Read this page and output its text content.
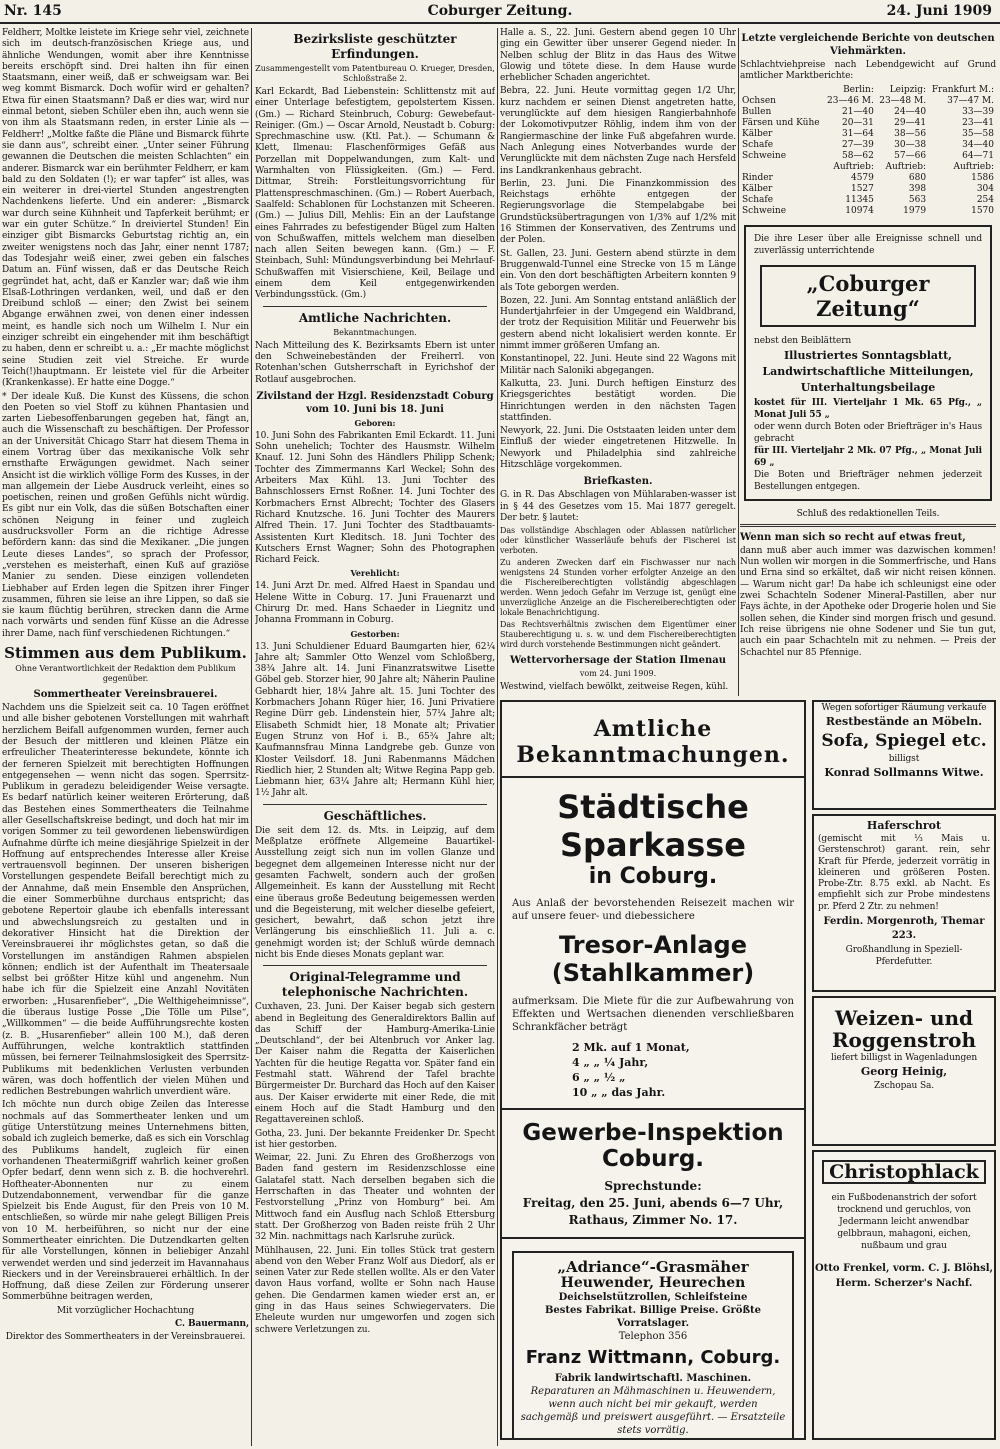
Nr. 145	Coburger Zeitung.	24. Juni 1909

Feldherr, Moltke leistete im Kriege sehr viel, zeichnete sich im deutsch-französischen Kriege aus, und ähnliche Wendungen, womit aber ihre Kenntnisse bereits erschöpft sind. Drei halten ihn für einen Staatsmann, einer weiß, daß er schweigsam war. Bei weg kommt Bismarck. Doch wofür wird er gehalten? Etwa für einen Staatsmann? Daß er dies war, wird nur einmal betont, sieben Schüler eben ihn, auch wenn sie von ihm als Staatsmann reden, in erster Linie als — Feldherr! „Moltke faßte die Pläne und Bismarck führte sie dann aus“, schreibt einer. „Unter seiner Führung gewannen die Deutschen die meisten Schlachten“ ein anderer. Bismarck war ein berühmter Feldherr, er kam bald zu den Soldaten (!); er war tapfer“ ist alles, was ein weiterer in drei-viertel Stunden angestrengten Nachdenkens lieferte. Und ein anderer: „Bismarck war durch seine Kühnheit und Tapferkeit berühmt; er war ein guter Schütze.“ In dreiviertel Stunden! Ein einziger gibt Bismarcks Geburtstag richtig an, ein zweiter wenigstens noch das Jahr, einer nennt 1787; das Todesjahr weiß einer, zwei geben ein falsches Datum an. Fünf wissen, daß er das Deutsche Reich gegründet hat, acht, daß er Kanzler war; daß wie ihm Elsaß-Lothringen verdanken, weil, und daß er den Dreibund schloß — einer; den Zwist bei seinem Abgange erwähnen zwei, von denen einer indessen meint, es handle sich noch um Wilhelm I. Nur ein einziger schreibt ein eingehender mit ihm beschäftigt zu haben, denn er schreibt u. a.: „Er machte möglichst seine Studien zeit viel Streiche. Er wurde Teich(!)hauptmann. Er leistete viel für die Arbeiter (Krankenkasse). Er hatte eine Dogge.“

* Der ideale Kuß. Die Kunst des Küssens, die schon den Poeten so viel Stoff zu kühnen Phantasien und zarten Liebesoffenbarungen gegeben hat, fängt an, auch die Wissenschaft zu beschäftigen. Der Professor an der Universität Chicago Starr hat diesem Thema in einem Vortrag über das mexikanische Volk sehr ernsthafte Erwägungen gewidmet. Nach seiner Ansicht ist die wirklich völlige Form des Kusses, in der man allgemein der Liebe Ausdruck verleiht, eines so poetischen, reinen und großen Gefühls nicht würdig. Es gibt nur ein Volk, das die süßen Botschaften einer schönen Neigung in feiner und zugleich ausdrucksvoller Form an die richtige Adresse befördern kann: das sind die Mexikaner. „Die jungen Leute dieses Landes“, so sprach der Professor, „verstehen es meisterhaft, einen Kuß auf graziöse Manier zu senden. Diese einzigen vollendeten Liebhaber auf Erden legen die Spitzen ihrer Finger zusammen, führen sie leise an ihre Lippen, so daß sie sie kaum flüchtig berühren, strecken dann die Arme nach vorwärts und senden fünf Küsse an die Adresse ihrer Dame, nach fünf verschiedenen Richtungen.“

Stimmen aus dem Publikum.
Ohne Verantwortlichkeit der Redaktion dem Publikum gegenüber.
Sommertheater Vereinsbrauerei.

Nachdem uns die Spielzeit seit ca. 10 Tagen eröffnet und alle bisher gebotenen Vorstellungen mit wahrhaft herzlichem Beifall aufgenommen wurden, ferner auch der Besuch der mittleren und kleinen Plätze ein erfreulicher Theaterinteresse bekundete, könnte ich der ferneren Spielzeit mit berechtigten Hoffnungen entgegensehen — wenn nicht das sogen. Sperrsitz-Publikum in geradezu beleidigender Weise versagte. Es bedarf natürlich keiner weiteren Erörterung, daß das Bestehen eines Sommertheaters die Teilnahme aller Gesellschaftskreise bedingt, und doch hat mir im vorigen Sommer zu teil gewordenen liebenswürdigen Aufnahme dürfte ich meine diesjährige Spielzeit in der Hoffnung auf entsprechendes Interesse aller Kreise vertrauensvoll beginnen. Der unseren bisherigen Vorstellungen gespendete Beifall berechtigt mich zu der Annahme, daß mein Ensemble den Ansprüchen, die einer Sommerbühne durchaus entspricht; das gebotene Repertoir glaube ich ebenfalls interessant und abwechslungsreich zu gestalten und in dekorativer Hinsicht hat die Direktion der Vereinsbrauerei ihr möglichstes getan, so daß die Vorstellungen im anständigen Rahmen abspielen können; endlich ist der Aufenthalt im Theatersaale selbst bei größter Hitze kühl und angenehm. Nun habe ich für die Spielzeit eine Anzahl Novitäten erworben: „Husarenfieber“, „Die Welthigeheimnisse“, die überaus lustige Posse „Die Tölle um Pilse“, „Willkommen“ — die beide Aufführungsrechte kosten (z. B. „Husarenfieber“ allein 100 M.), daß deren Aufführungen, welche kontraktlich stattfinden müssen, bei fernerer Teilnahmslosigkeit des Sperrsitz-Publikums mit bedenklichen Verlusten verbunden wären, was doch hoffentlich der vielen Mühen und redlichen Bestrebungen wahrlich unverdient wäre.

Ich möchte nun durch obige Zeilen das Interesse nochmals auf das Sommertheater lenken und um gütige Unterstützung meines Unternehmens bitten, sobald ich zugleich bemerke, daß es sich ein Vorschlag des Publikums handelt, zugleich für einen vorhandenen Theatermißgriff wahrlich keiner großen Opfer bedarf, denn wenn sich z. B. die hochverehrl. Hoftheater-Abonnenten nur zu einem Dutzendabonnement, verwendbar für die ganze Spielzeit bis Ende August, für den Preis von 10 M. entschließen, so würde mir nahe gelegt Billigen Preis von 10 M. herbeiführen, so nicht nur der eine Sommertheater einrichten. Die Dutzendkarten gelten für alle Vorstellungen, können in beliebiger Anzahl verwendet werden und sind jederzeit im Havannahaus Rieckers und in der Vereinsbrauerei erhältlich. In der Hoffnung, daß diese Zeilen zur Förderung unserer Sommerbühne beitragen werden,

Mit vorzüglicher Hochachtung

C. Bauermann,

Direktor des Sommertheaters in der Vereinsbrauerei.

Bezirksliste geschützter Erfindungen.
Zusammengestellt vom Patentbureau O. Krueger, Dresden, Schloßstraße 2.

Karl Eckardt, Bad Liebenstein: Schlittenstz mit auf einer Unterlage befestigtem, gepolstertem Kissen. (Gm.) — Richard Steinbruch, Coburg: Gewebefaut-Reiniger. (Gm.) — Oscar Arnold, Neustadt b. Coburg: Sprechmaschine usw. (Ktl. Pat.). — Schumann & Klett, Ilmenau: Flaschenförmiges Gefäß aus Porzellan mit Doppelwandungen, zum Kalt- und Warmhalten von Flüssigkeiten. (Gm.) — Ferd. Dittmar, Streih: Forstleitungsvorrichtung für Plattenspreschmaschinen. (Gm.) — Robert Auerbach, Saalfeld: Schablonen für Lochstanzen mit Scheeren. (Gm.) — Julius Dill, Mehlis: Ein an der Laufstange eines Fahrrades zu befestigender Bügel zum Halten von Schußwaffen, mittels welchem man dieselben nach allen Seiten bewegen kann. (Gm.) — F. Steinbach, Suhl: Mündungsverbindung bei Mehrlauf-Schußwaffen mit Visierschiene, Keil, Beilage und einem dem Keil entgegenwirkenden Verbindungsstück. (Gm.)

Amtliche Nachrichten.
Bekanntmachungen.

Nach Mitteilung des K. Bezirksamts Ebern ist unter den Schweinebeständen der Freiherrl. von Rotenhan'schen Gutsherrschaft in Eyrichshof der Rotlauf ausgebrochen.

Zivilstand der Hzgl. Residenzstadt Coburg vom 10. Juni bis 18. Juni
Geboren:

10. Juni Sohn des Fabrikanten Emil Eckardt. 11. Juni Sohn unehelich; Tochter des Hausmstr. Wilhelm Knauf. 12. Juni Sohn des Händlers Philipp Schenk; Tochter des Zimmermanns Karl Weckel; Sohn des Arbeiters Max Kühl. 13. Juni Tochter des Bahnschlossers Ernst Roßner. 14. Juni Tochter des Korbmachers Ernst Albrecht; Tochter des Glasers Richard Knutzsche. 16. Juni Tochter des Maurers Alfred Thein. 17. Juni Tochter des Stadtbauamts-Assistenten Kurt Kleditsch. 18. Juni Tochter des Kutschers Ernst Wagner; Sohn des Photographen Richard Feick.

Verehlicht:

14. Juni Arzt Dr. med. Alfred Haest in Spandau und Helene Witte in Coburg. 17. Juni Frauenarzt und Chirurg Dr. med. Hans Schaeder in Liegnitz und Johanna Frommann in Coburg.

Gestorben:

13. Juni Schuldiener Eduard Baumgarten hier, 62¼ Jahre alt; Sammler Otto Wenzel vom Schloßberg, 38¾ Jahre alt. 14. Juni Finanzratswitwe Lisette Göbel geb. Storzer hier, 90 Jahre alt; Näherin Pauline Gebhardt hier, 18¼ Jahre alt. 15. Juni Tochter des Korbmachers Johann Rüger hier, 16. Juni Privatiere Regine Dürr geb. Lindenstein hier, 57¼ Jahre alt; Elisabeth Schmidt hier, 18 Monate alt; Privatier Eugen Strunz von Hof i. B., 65¾ Jahre alt; Kaufmannsfrau Minna Landgrebe geb. Gunze von Kloster Veilsdorf. 18. Juni Rabenmanns Mädchen Riedlich hier, 2 Stunden alt; Witwe Regina Papp geb. Liebmann hier, 63¼ Jahre alt; Hermann Kühl hier, 1½ Jahr alt.

Geschäftliches.

Die seit dem 12. ds. Mts. in Leipzig, auf dem Meßplatze eröffnete Allgemeine Bauartikel-Ausstellung zeigt sich nun im vollen Glanze und begegnet dem allgemeinen Interesse nicht nur der gesamten Fachwelt, sondern auch der großen Allgemeinheit. Es kann der Ausstellung mit Recht eine überaus große Bedeutung beigemessen werden und die Begeisterung, mit welcher dieselbe gefeiert, gesichert, bewahrt, daß schon jetzt ihre Verlängerung bis einschließlich 11. Juli a. c. genehmigt worden ist; der Schluß würde demnach nicht bis Ende dieses Monats geplant war.

Original-Telegramme und telephonische Nachrichten.

Cuxhaven, 23. Juni. Der Kaiser begab sich gestern abend in Begleitung des Generaldirektors Ballin auf das Schiff der Hamburg-Amerika-Linie „Deutschland“, der bei Altenbruch vor Anker lag. Der Kaiser nahm die Regatta der Kaiserlichen Yachten für die heutige Regatta vor. Später fand ein Festmahl statt. Während der Tafel brachte Bürgermeister Dr. Burchard das Hoch auf den Kaiser aus. Der Kaiser erwiderte mit einer Rede, die mit einem Hoch auf die Stadt Hamburg und den Regattavereinen schloß.

Gotha, 23. Juni. Der bekannte Freidenker Dr. Specht ist hier gestorben.

Weimar, 22. Juni. Zu Ehren des Großherzogs von Baden fand gestern im Residenzschlosse eine Galatafel statt. Nach derselben begaben sich die Herrschaften in das Theater und wohnten der Festvorstellung „Prinz von Homburg“ bei. Am Mittwoch fand ein Ausflug nach Schloß Ettersburg statt. Der Großherzog von Baden reiste früh 2 Uhr 32 Min. nachmittags nach Karlsruhe zurück.

Mühlhausen, 22. Juni. Ein tolles Stück trat gestern abend von den Weber Franz Wolf aus Diedorf, als er seinen Vater zur Rede stellen wollte. Als er den Vater davon Haus vorfand, wollte er Sohn nach Hause gehen. Die Gendarmen kamen wieder erst an, er ging in das Haus seines Schwiegervaters. Die Eheleute wurden nur umgeworfen und zogen sich schwere Verletzungen zu.

Halle a. S., 22. Juni. Gestern abend gegen 10 Uhr ging ein Gewitter über unserer Gegend nieder. In Nelben schlug der Blitz in das Haus des Witwe Glowig und tötete diese. In dem Hause wurde erheblicher Schaden angerichtet.

Bebra, 22. Juni. Heute vormittag gegen 1/2 Uhr, kurz nachdem er seinen Dienst angetreten hatte, verunglückte auf dem hiesigen Rangierbahnhofe der Lokomotivputzer Röhlig, indem ihm von der Rangiermaschine der linke Fuß abgefahren wurde. Nach Anlegung eines Notverbandes wurde der Verunglückte mit dem nächsten Zuge nach Hersfeld ins Landkrankenhaus gebracht.

Berlin, 23. Juni. Die Finanzkommission des Reichstags erhöhte entgegen der Regierungsvorlage die Stempelabgabe bei Grundstücksübertragungen von 1/3% auf 1/2% mit 16 Stimmen der Konservativen, des Zentrums und der Polen.

St. Gallen, 23. Juni. Gestern abend stürzte in dem Bruggenwald-Tunnel eine Strecke von 15 m Länge ein. Von den dort beschäftigten Arbeitern konnten 9 als Tote geborgen werden.

Bozen, 22. Juni. Am Sonntag entstand anläßlich der Hundertjahrfeier in der Umgegend ein Waldbrand, der trotz der Requisition Militär und Feuerwehr bis gestern abend nicht lokalisiert werden konnte. Er nimmt immer größeren Umfang an.

Konstantinopel, 22. Juni. Heute sind 22 Wagons mit Militär nach Saloniki abgegangen.

Kalkutta, 23. Juni. Durch heftigen Einsturz des Kriegsgerichtes bestätigt worden. Die Hinrichtungen werden in den nächsten Tagen stattfinden.

Newyork, 22. Juni. Die Oststaaten leiden unter dem Einfluß der wieder eingetretenen Hitzwelle. In Newyork und Philadelphia sind zahlreiche Hitzschläge vorgekommen.

Briefkasten.

G. in R. Das Abschlagen von Mühlaraben-wasser ist in § 44 des Gesetzes vom 15. Mai 1877 geregelt. Der betr. § lautet:

Das vollständige Abschlagen oder Ablassen natürlicher oder künstlicher Wasserläufe behufs der Fischerei ist verboten.

Zu anderen Zwecken darf ein Fischwasser nur nach wenigstens 24 Stunden vorher erfolgter Anzeige an den die Fischereiberechtigten vollständig abgeschlagen werden. Wenn jedoch Gefahr im Verzuge ist, genügt eine unverzügliche Anzeige an die Fischereiberechtigten oder lokale Benachrichtigung.

Das Rechtsverhältnis zwischen dem Eigentümer einer Stauberechtigung u. s. w. und dem Fischereiberechtigten wird durch vorstehende Bestimmungen nicht geändert.

Wettervorhersage der Station Ilmenau
vom 24. Juni 1909.

Westwind, vielfach bewölkt, zeitweise Regen, kühl.

Letzte vergleichende Berichte von deutschen Viehmärkten.

Schlachtviehpreise nach Lebendgewicht auf Grund amtlicher Marktberichte:

	Berlin:	Leipzig:	Frankfurt M.:
Ochsen	23—46 M.	23—48 M.	37—47 M.
Bullen	21—40	24—40	33—39
Färsen und Kühe	20—31	29—41	23—41
Kälber	31—64	38—56	35—58
Schafe	27—39	30—38	34—40
Schweine	58—62	57—66	64—71
	Auftrieb:	Auftrieb:	Auftrieb:
Rinder	4579	680	1586
Kälber	1527	398	304
Schafe	11345	563	254
Schweine	10974	1979	1570

Die ihre Leser über alle Ereignisse schnell und zuverlässig unterrichtende

„Coburger Zeitung“

nebst den Beiblättern

Illustriertes Sonntagsblatt,
Landwirtschaftliche Mitteilungen,
Unterhaltungsbeilage

kostet für III. Vierteljahr 1 Mk. 65 Pfg., „ Monat Juli 55 „

oder wenn durch Boten oder Briefträger in's Haus gebracht

für III. Vierteljahr 2 Mk. 07 Pfg., „ Monat Juli 69 „

Die Boten und Briefträger nehmen jederzeit Bestellungen entgegen.

Schluß des redaktionellen Teils.

Wenn man sich so recht auf etwas freut,

dann muß aber auch immer was dazwischen kommen! Nun wollen wir morgen in die Sommerfrische, und Hans und Erna sind so erkältet, daß wir nicht reisen können. — Warum nicht gar! Da habe ich schleunigst eine oder zwei Schachteln Sodener Mineral-Pastillen, aber nur Fays ächte, in der Apotheke oder Drogerie holen und Sie sollen sehen, die Kinder sind morgen frisch und gesund. Ich reise übrigens nie ohne Sodener und Sie tun gut, auch ein paar Schachteln mit zu nehmen. — Preis der Schachtel nur 85 Pfennige.

Amtliche Bekanntmachungen.
Städtische Sparkasse
in Coburg.
Aus Anlaß der bevorstehenden Reisezeit machen wir auf unsere feuer- und diebessichere
Tresor-Anlage (Stahlkammer)
aufmerksam. Die Miete für die zur Aufbewahrung von Effekten und Wertsachen dienenden verschließbaren Schrankfächer beträgt
2 Mk. auf 1 Monat,
4 „ „ ¼ Jahr,
6 „ „ ½ „
10 „ „ das Jahr.
Gewerbe-Inspektion Coburg.
Sprechstunde:
Freitag, den 25. Juni, abends 6—7 Uhr, Rathaus, Zimmer No. 17.
„Adriance“-Grasmäher
Heuwender, Heurechen
Deichselstützrollen, Schleifsteine
Bestes Fabrikat. Billige Preise. Größte Vorratslager.
Telephon 356
Franz Wittmann, Coburg.
Fabrik landwirtschaftl. Maschinen.
Reparaturen an Mähmaschinen u. Heuwendern, wenn auch nicht bei mir gekauft, werden sachgemäß und preiswert ausgeführt. — Ersatzteile stets vorrätig.

Wegen sofortiger Räumung verkaufe

Restbestände an Möbeln.
Sofa, Spiegel etc.

billigst

Konrad Sollmanns Witwe.
Haferschrot

(gemischt mit ⅓ Mais u. Gerstenschrot) garant. rein, sehr Kraft für Pferde, jederzeit vorrätig in kleineren und größeren Posten. Probe-Ztr. 8.75 exkl. ab Nacht. Es empfiehlt sich zur Probe mindestens pr. Pferd 2 Ztr. zu nehmen!

Ferdin. Morgenroth, Themar 223.

Großhandlung in Speziell-Pferdefutter.

Weizen- und
Roggenstroh

liefert billigst in Wagenladungen

Georg Heinig,

Zschopau Sa.

Christophlack

ein Fußbodenanstrich der sofort trocknend und geruchlos, von Jedermann leicht anwendbar gelbbraun, mahagoni, eichen, nußbaum und grau

Otto Frenkel, vorm. C. J. Blöhsl,
Herm. Scherzer's Nachf.
